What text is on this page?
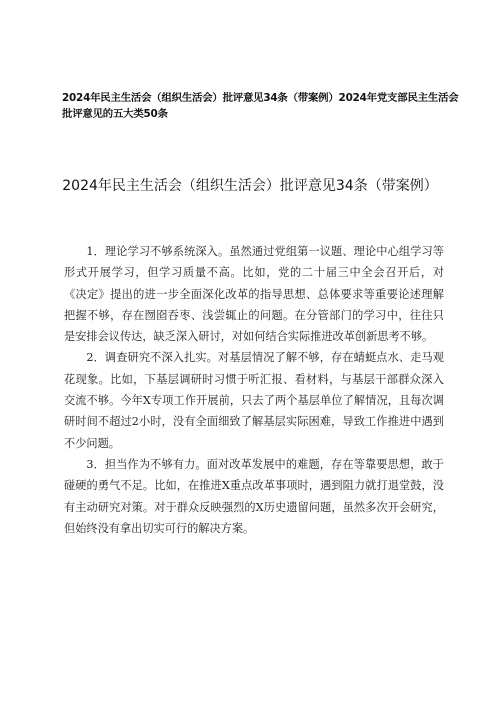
2024年民主生活会（组织生活会）批评意见34条（带案例）2024年党支部民主生活会批评意见的五大类50条
2024年民主生活会（组织生活会）批评意见34条（带案例）

1．理论学习不够系统深入。虽然通过党组第一议题、理论中心组学习等形式开展学习，但学习质量不高。比如，党的二十届三中全会召开后，对《决定》提出的进一步全面深化改革的指导思想、总体要求等重要论述理解把握不够，存在囫囵吞枣、浅尝辄止的问题。在分管部门的学习中，往往只是安排会议传达，缺乏深入研讨，对如何结合实际推进改革创新思考不够。

2．调查研究不深入扎实。对基层情况了解不够，存在蜻蜓点水、走马观花现象。比如，下基层调研时习惯于听汇报、看材料，与基层干部群众深入交流不够。今年X专项工作开展前，只去了两个基层单位了解情况，且每次调研时间不超过2小时，没有全面细致了解基层实际困难，导致工作推进中遇到不少问题。

3．担当作为不够有力。面对改革发展中的难题，存在等靠要思想，敢于碰硬的勇气不足。比如，在推进X重点改革事项时，遇到阻力就打退堂鼓，没有主动研究对策。对于群众反映强烈的X历史遗留问题，虽然多次开会研究，但始终没有拿出切实可行的解决方案。
